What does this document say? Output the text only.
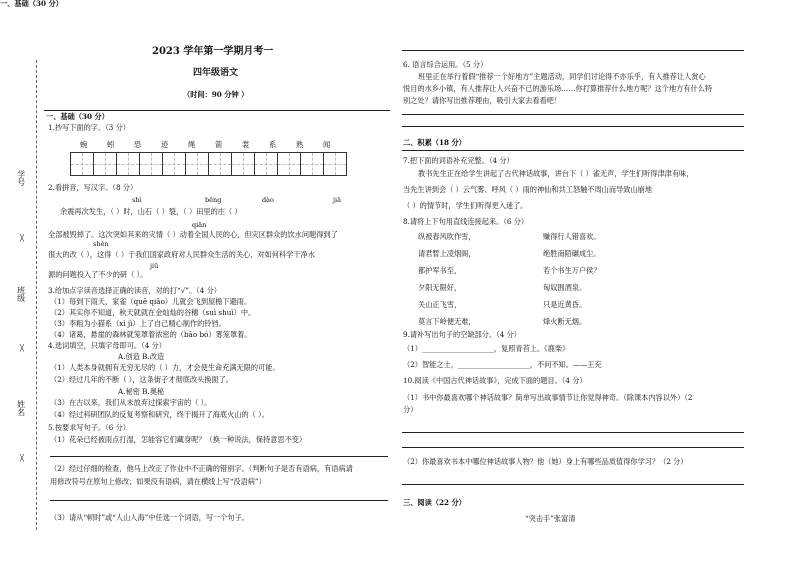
学号
班级
姓名
╳
╳
╳
2023 学年第一学期月考一
四年级语文
（时间：90 分钟 ）
一、基础（30 分）
一、基础（30 分）
1.抄写下面的字。（3 分）
蜿	蚓	恐	迹	绳	箭	裳	系	熟	闻
2.看拼音，写汉字。（8 分）
shì	bēng	dào	jiā
余震再次发生，（ ）时，山石（ ）裂，（ ）田里的庄（ ）
qiān
全部被毁掉了。这次突如其来的灾情（ ）动着全国人民的心，但灾区群众的饮水问题得到了
shèn
很大的改（ ），这得（ ）于我们国家政府对人民群众生活的关心，对如何科学干净水
jiū
源的问题投入了不少的研（ ）。
3.给加点字读音选择正确的读音，对的打“√”。（4 分）
（1）每到下雨天，家雀（quē qiǎo）儿就会飞到屋檐下避雨。
（2）其实你不知道，秋天就就在金灿灿的谷穗（suì shuì）中。
（3）李粗为小猫系（xì jì）上了自己精心制作的铃铛。
（4）诸葛，悬崖的森林就笼罩着浓密的（bāo bó）雾笼罩着。
4.选词填空，只填字母即可。（4 分）
A.创造 B.改造
（1）人类本身就拥有无穷无尽的（ ）力，才会使生命充满无限的可能。
（2）经过几年的不断（ ），这条街子才彻底改头换面了。
A.秘密 B.奥秘
（3）在古以来，我们从未放弃过探索宇宙的（ ）。
（4）经过科研团队的反复考察和研究，终于揭开了海底火山的（ ）。
5.按要求写句子。（6 分）
（1）花朵已经被雨点打湿，怎能容它们藏身呢？（换一种说法，保持意思不变）
（2）经过仔细的检查，他马上改正了作业中不正确的错别字。（判断句子是否有语病，有语病请
用修改符号在原句上修改；如果没有语病，请在横线上写“没语病”）
（3）请从“顿时”或“人山人海”中任选一个词语，写一个句子。
6. 语言综合运用。（5 分）
班里正在举行着假“推荐一个好地方”主题活动，同学们讨论得不亦乐乎，有人推荐让人赏心
悦目的水乡小镇，有人推荐让人兴奋不已的游乐场……你打算推荐什么地方呢？这个地方有什么特
别之处？请你写出推荐理由，吸引大家去看看吧！
二、积累（18 分）
7.把下面的词语补充完整。（4 分）
教书先生正在给学生讲起了古代神话故事，讲台下（ ）雀无声，学生们听得津津有味，
当先生讲到会（ ）云气雾、呼风（ ）雨的神仙和共工怒触不周山而导致山崩地
（ ）的情节时，学生们听得更入迷了。
8.请将上下句用直线连接起来。（6 分）
纵被春风吹作雪，
请君暂上凌烟阁，
都护军书至，
夕阳无限好，
关山正飞雪，
莫言下岭便无难，
赚得行人错喜欢。
绝胜南陌碾成尘。
若个书生万户侯？
匈奴围酒泉。
只是近黄昏。
烽火断无烟。
9.请补写出句子的空缺部分。（4 分）
（1）____________________，复照青苔上。《鹿柴》
（2）智能之士，____________________，不问不知。——王充
10.阅读《中国古代神话故事》，完成下面的题目。（4 分）
（1）书中你最喜欢哪个神话故事？简单写出故事情节让你觉得神奇。（除课本内容以外）（2
分）
（2）你最喜欢书本中哪位神话故事人物？他（她）身上有哪些品质值得你学习？（2 分）
三、阅读（22 分）
“突击手”张富清
